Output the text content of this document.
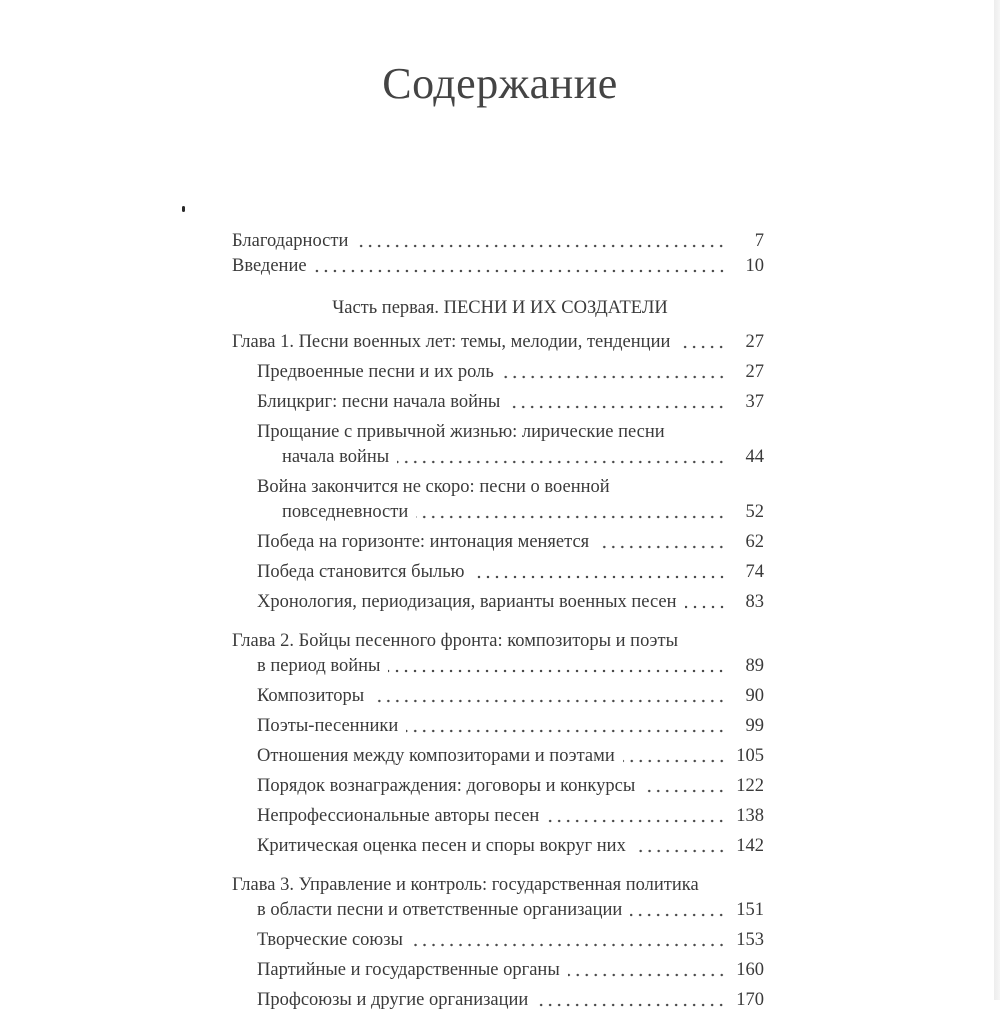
Содержание
Благодарности	7
Введение	10
Часть первая. ПЕСНИ И ИХ СОЗДАТЕЛИ
Глава 1. Песни военных лет: темы, мелодии, тенденции	27
Предвоенные песни и их роль	27
Блицкриг: песни начала войны	37
Прощание с привычной жизнью: лирические песни
начала войны	44
Война закончится не скоро: песни о военной
повседневности	52
Победа на горизонте: интонация меняется	62
Победа становится былью	74
Хронология, периодизация, варианты военных песен	83
Глава 2. Бойцы песенного фронта: композиторы и поэты
в период войны	89
Композиторы	90
Поэты-песенники	99
Отношения между композиторами и поэтами	105
Порядок вознаграждения: договоры и конкурсы	122
Непрофессиональные авторы песен	138
Критическая оценка песен и споры вокруг них	142
Глава 3. Управление и контроль: государственная политика
в области песни и ответственные организации	151
Творческие союзы	153
Партийные и государственные органы	160
Профсоюзы и другие организации	170
